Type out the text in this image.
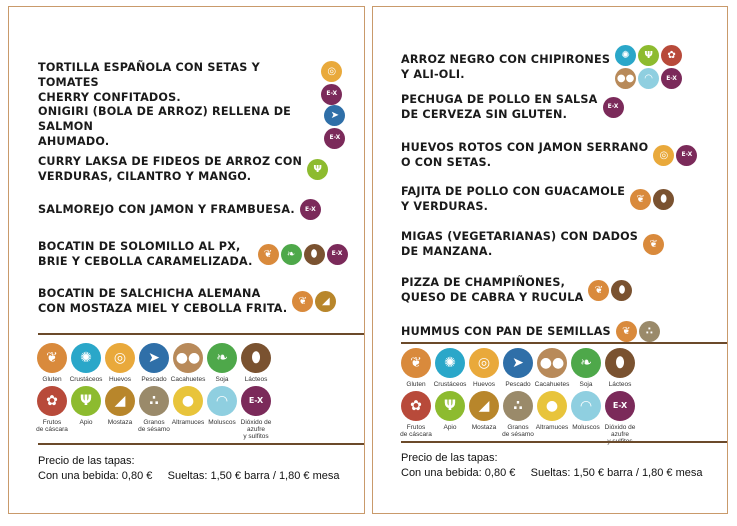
TORTILLA ESPAÑOLA CON SETAS Y TOMATES
CHERRY CONFITADOS.
◎
E-X
ONIGIRI (BOLA DE ARROZ) RELLENA DE SALMON
AHUMADO.
➤
E-X
CURRY LAKSA DE FIDEOS DE ARROZ CON
VERDURAS, CILANTRO Y MANGO.
Ψ
SALMOREJO CON JAMON Y FRAMBUESA. E-X
BOCATIN DE SOLOMILLO AL PX,
BRIE Y CEBOLLA CARAMELIZADA.
❦	❧	⬮	E-X
BOCATIN DE SALCHICHA ALEMANA
CON MOSTAZA MIEL Y CEBOLLA FRITA.
❦	◢
❦
Gluten
✺
Crustáceos
◎
Huevos
➤
Pescado
●●
Cacahuetes
❧
Soja
⬮
Lácteos
✿
Frutos
de cáscara
Ψ
Apio
◢
Mostaza
∴
Granos
de sésamo
●
Altramuces
◠
Moluscos
E-X
Dióxido de azufre
y sulfitos
Precio de las tapas:
Con una bebida: 0,80 €     Sueltas: 1,50 € barra / 1,80 € mesa
ARROZ NEGRO CON CHIPIRONES
Y ALI-OLI.
✺	Ψ	✿
●●	◠	E-X
PECHUGA DE POLLO EN SALSA
DE CERVEZA SIN GLUTEN.
E-X
HUEVOS ROTOS CON JAMON SERRANO
O CON SETAS.
◎	E-X
FAJITA DE POLLO CON GUACAMOLE
Y VERDURAS.
❦	⬮
MIGAS (VEGETARIANAS) CON DADOS
DE MANZANA.
❦
PIZZA DE CHAMPIÑONES,
QUESO DE CABRA Y RUCULA
❦	⬮
HUMMUS CON PAN DE SEMILLAS	❦	∴
❦
Gluten
✺
Crustáceos
◎
Huevos
➤
Pescado
●●
Cacahuetes
❧
Soja
⬮
Lácteos
✿
Frutos
de cáscara
Ψ
Apio
◢
Mostaza
∴
Granos
de sésamo
●
Altramuces
◠
Moluscos
E-X
Dióxido de azufre

Precio de las tapas:
Con una bebida: 0,80 €     Sueltas: 1,50 € barra / 1,80 € mesa
